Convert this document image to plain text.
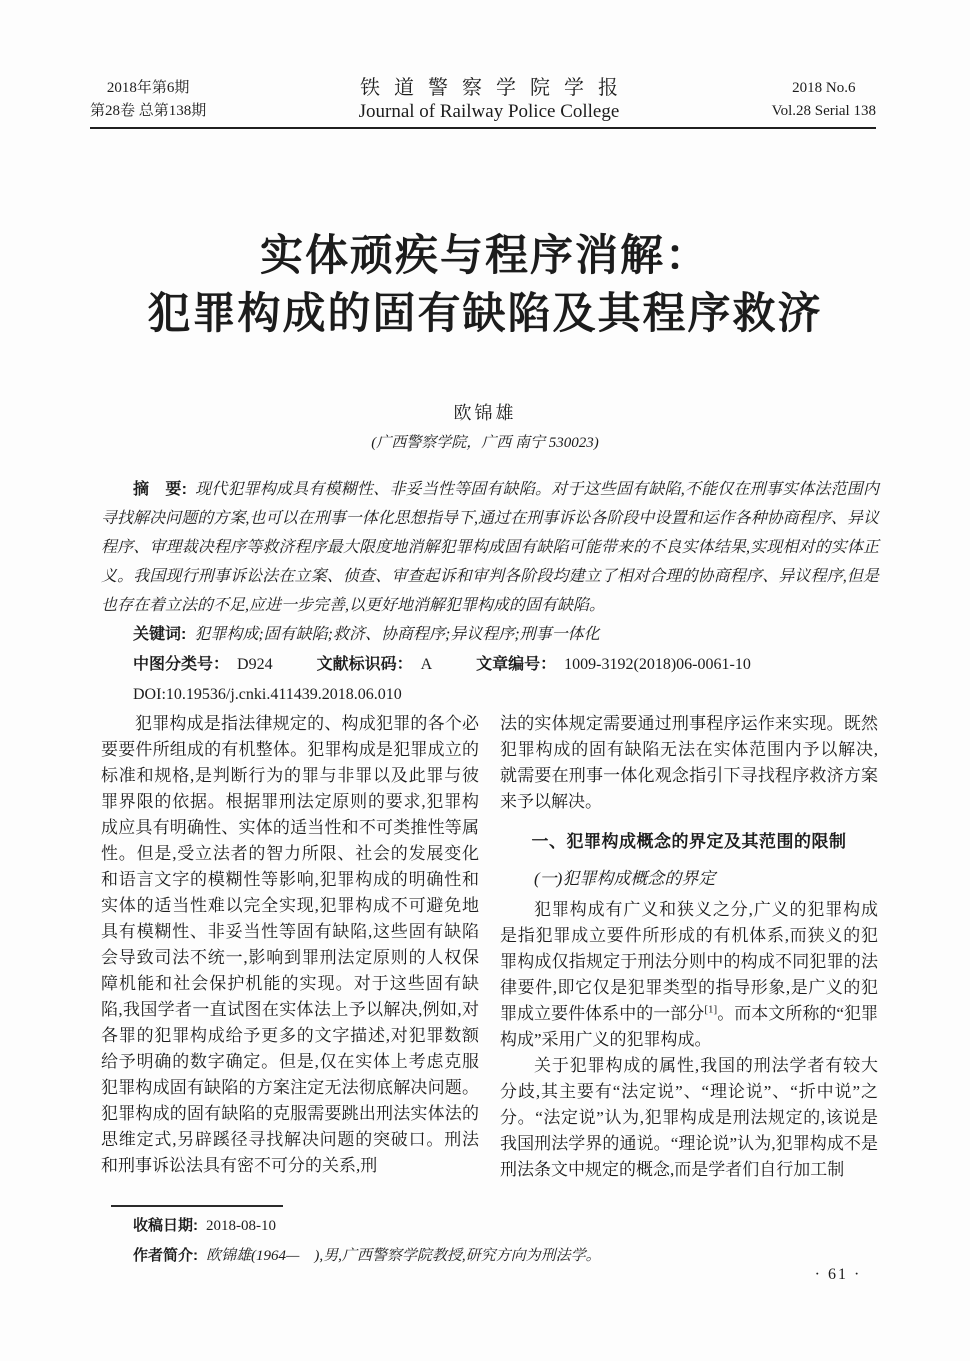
2018年第6期
第28卷 总第138期
铁道警察学院学报
Journal of Railway Police College
2018 No.6
Vol.28 Serial 138
实体顽疾与程序消解：
犯罪构成的固有缺陷及其程序救济
欧锦雄
(广西警察学院，广西 南宁 530023)

摘　要: 现代犯罪构成具有模糊性、非妥当性等固有缺陷。对于这些固有缺陷,不能仅在刑事实体法范围内寻找解决问题的方案,也可以在刑事一体化思想指导下,通过在刑事诉讼各阶段中设置和运作各种协商程序、异议程序、审理裁决程序等救济程序最大限度地消解犯罪构成固有缺陷可能带来的不良实体结果,实现相对的实体正义。我国现行刑事诉讼法在立案、侦查、审查起诉和审判各阶段均建立了相对合理的协商程序、异议程序,但是也存在着立法的不足,应进一步完善,以更好地消解犯罪构成的固有缺陷。

关键词: 犯罪构成;固有缺陷;救济、协商程序;异议程序;刑事一体化

中图分类号： D924	文献标识码： A	文章编号： 1009-3192(2018)06-0061-10

DOI:10.19536/j.cnki.411439.2018.06.010

犯罪构成是指法律规定的、构成犯罪的各个必要要件所组成的有机整体。犯罪构成是犯罪成立的标准和规格,是判断行为的罪与非罪以及此罪与彼罪界限的依据。根据罪刑法定原则的要求,犯罪构成应具有明确性、实体的适当性和不可类推性等属性。但是,受立法者的智力所限、社会的发展变化和语言文字的模糊性等影响,犯罪构成的明确性和实体的适当性难以完全实现,犯罪构成不可避免地具有模糊性、非妥当性等固有缺陷,这些固有缺陷会导致司法不统一,影响到罪刑法定原则的人权保障机能和社会保护机能的实现。对于这些固有缺陷,我国学者一直试图在实体法上予以解决,例如,对各罪的犯罪构成给予更多的文字描述,对犯罪数额给予明确的数字确定。但是,仅在实体上考虑克服犯罪构成固有缺陷的方案注定无法彻底解决问题。犯罪构成的固有缺陷的克服需要跳出刑法实体法的思维定式,另辟蹊径寻找解决问题的突破口。刑法和刑事诉讼法具有密不可分的关系,刑

法的实体规定需要通过刑事程序运作来实现。既然犯罪构成的固有缺陷无法在实体范围内予以解决,就需要在刑事一体化观念指引下寻找程序救济方案来予以解决。

一、犯罪构成概念的界定及其范围的限制

(一)犯罪构成概念的界定

犯罪构成有广义和狭义之分,广义的犯罪构成是指犯罪成立要件所形成的有机体系,而狭义的犯罪构成仅指规定于刑法分则中的构成不同犯罪的法律要件,即它仅是犯罪类型的指导形象,是广义的犯罪成立要件体系中的一部分[1]。而本文所称的“犯罪构成”采用广义的犯罪构成。

关于犯罪构成的属性,我国的刑法学者有较大分歧,其主要有“法定说”、“理论说”、“折中说”之分。“法定说”认为,犯罪构成是刑法规定的,该说是我国刑法学界的通说。“理论说”认为,犯罪构成不是刑法条文中规定的概念,而是学者们自行加工制

收稿日期: 2018-08-10

作者简介: 欧锦雄(1964—　),男,广西警察学院教授,研究方向为刑法学。

· 61 ·
